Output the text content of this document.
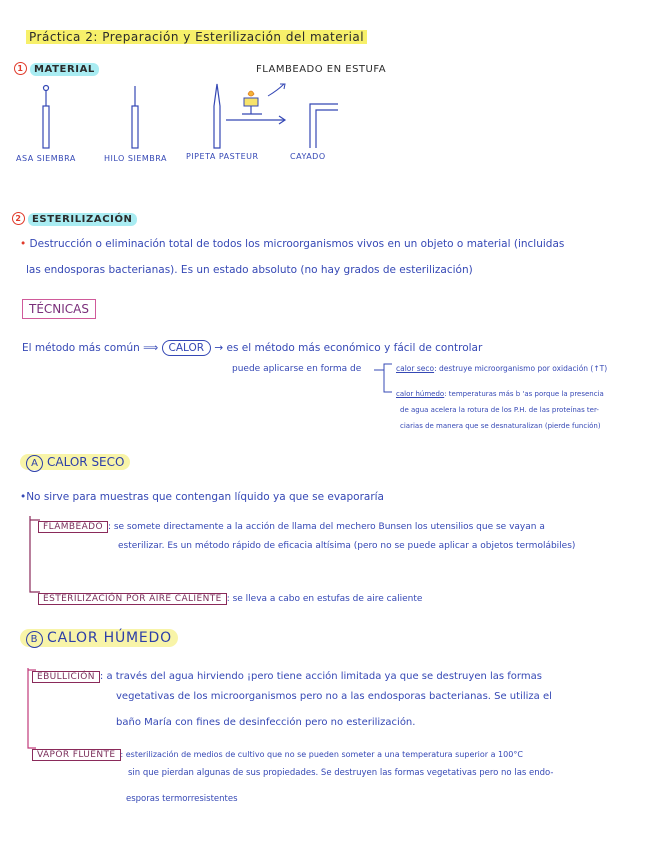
Práctica 2: Preparación y Esterilización del material
1 MATERIAL	FLAMBEADO EN ESTUFA
ASA SIEMBRA	HILO SIEMBRA PIPETA PASTEUR	CAYADO
2 ESTERILIZACIÓN
• Destrucción o eliminación total de todos los microorganismos vivos en un objeto o material (incluidas
las endosporas bacterianas). Es un estado absoluto (no hay grados de esterilización)
TÉCNICAS
El método más común ⟹ CALOR → es el método más económico y fácil de controlar
puede aplicarse en forma de	calor seco: destruye microorganismo por oxidación (↑T)
calor húmedo: temperaturas más b 'as porque la presencia
de agua acelera la rotura de los P.H. de las proteínas ter-
ciarias de manera que se desnaturalizan (pierde función)
A CALOR SECO
•No sirve para muestras que contengan líquido ya que se evaporaría
FLAMBEADO : se somete directamente a la acción de llama del mechero Bunsen los utensilios que se vayan a
esterilizar. Es un método rápido de eficacia altísima (pero no se puede aplicar a objetos termolábiles)
ESTERILIZACIÓN POR AIRE CALIENTE : se lleva a cabo en estufas de aire caliente
B CALOR HÚMEDO
EBULLICIÓN : a través del agua hirviendo ¡pero tiene acción limitada ya que se destruyen las formas
vegetativas de los microorganismos pero no a las endosporas bacterianas. Se utiliza el
baño María con fines de desinfección pero no esterilización.
VAPOR FLUENTE : esterilización de medios de cultivo que no se pueden someter a una temperatura superior a 100°C
sin que pierdan algunas de sus propiedades. Se destruyen las formas vegetativas pero no las endo-
esporas termorresistentes
